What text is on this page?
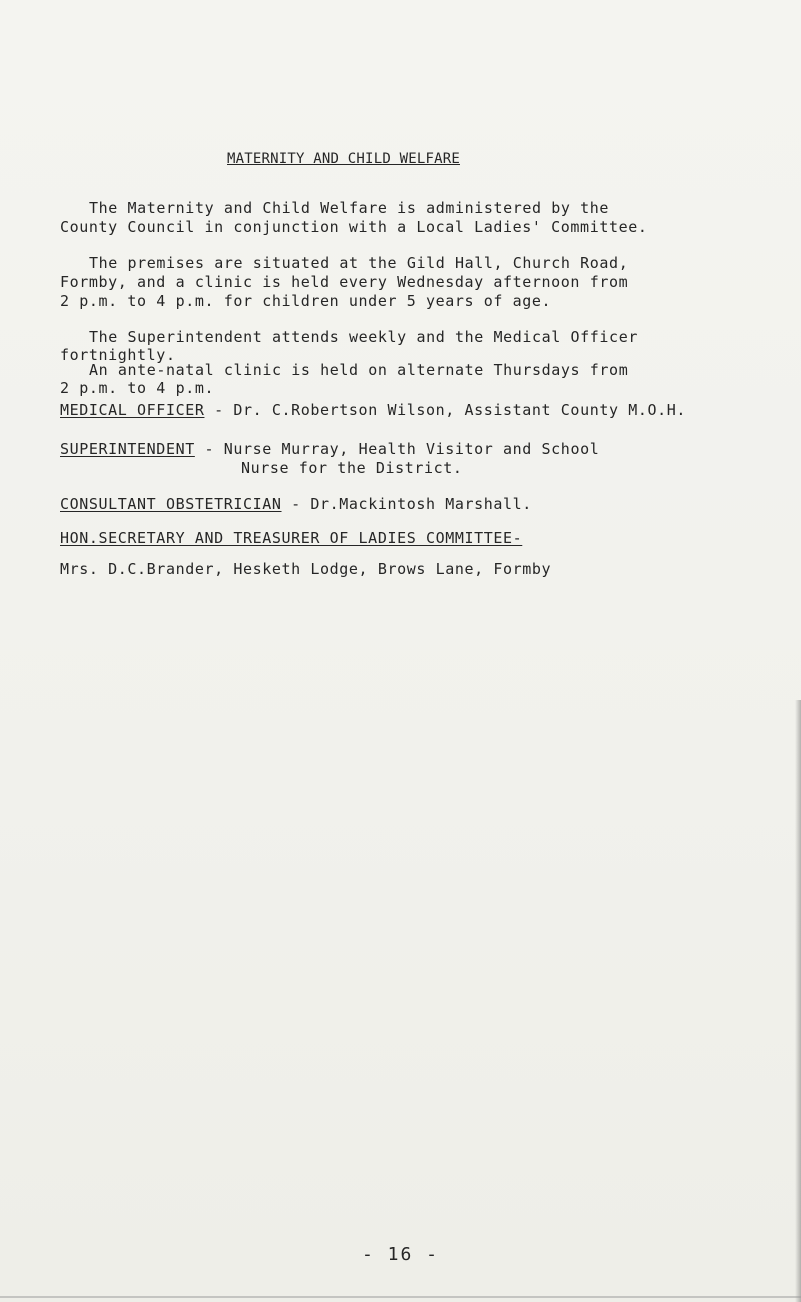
MATERNITY AND CHILD WELFARE
The Maternity and Child Welfare is administered by the
County Council in conjunction with a Local Ladies' Committee.
The premises are situated at the Gild Hall, Church Road,
Formby, and a clinic is held every Wednesday afternoon from
2 p.m. to 4 p.m. for children under 5 years of age.
The Superintendent attends weekly and the Medical Officer
fortnightly.
An ante-natal clinic is held on alternate Thursdays from
2 p.m. to 4 p.m.
MEDICAL OFFICER - Dr. C.Robertson Wilson, Assistant County M.O.H.
SUPERINTENDENT - Nurse Murray, Health Visitor and School
Nurse for the District.
CONSULTANT OBSTETRICIAN - Dr.Mackintosh Marshall.
HON.SECRETARY AND TREASURER OF LADIES COMMITTEE-
Mrs. D.C.Brander, Hesketh Lodge, Brows Lane, Formby
- 16 -
